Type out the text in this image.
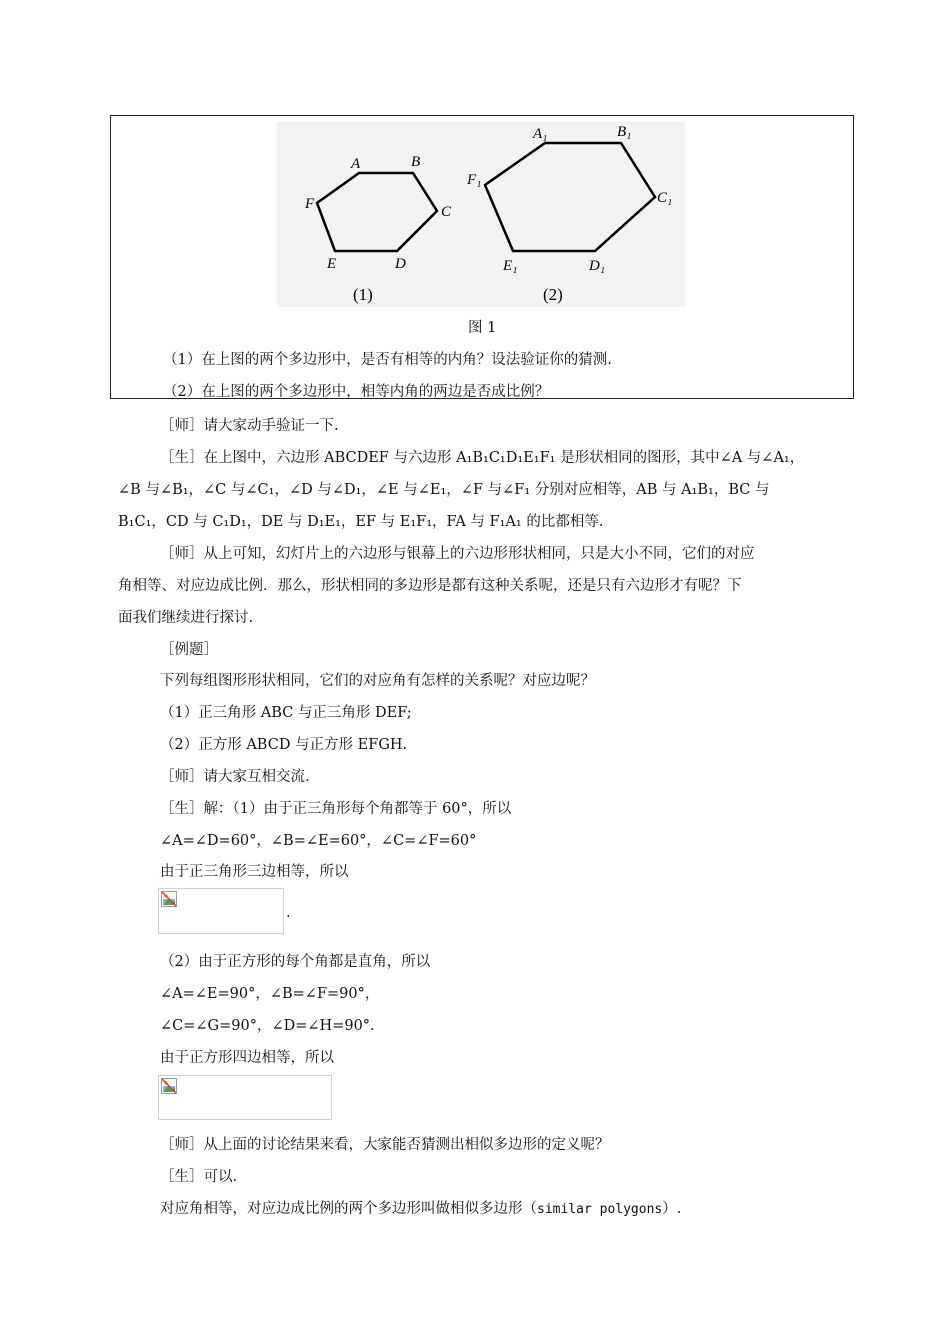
A	B
C
D
E
F
A₁	B₁
C₁
D₁
E₁
F₁
(1)	(2)
图 1
（1）在上图的两个多边形中，是否有相等的内角？设法验证你的猜测.
（2）在上图的两个多边形中，相等内角的两边是否成比例？
［师］请大家动手验证一下.
［生］在上图中，六边形 ABCDEF 与六边形 A₁B₁C₁D₁E₁F₁ 是形状相同的图形，其中∠A 与∠A₁，
∠B 与∠B₁，∠C 与∠C₁，∠D 与∠D₁，∠E 与∠E₁，∠F 与∠F₁ 分别对应相等，AB 与 A₁B₁，BC 与
B₁C₁，CD 与 C₁D₁，DE 与 D₁E₁，EF 与 E₁F₁，FA 与 F₁A₁ 的比都相等.
［师］从上可知，幻灯片上的六边形与银幕上的六边形形状相同，只是大小不同，它们的对应
角相等、对应边成比例．那么，形状相同的多边形是都有这种关系呢，还是只有六边形才有呢？下
面我们继续进行探讨.
［例题］
下列每组图形形状相同，它们的对应角有怎样的关系呢？对应边呢？
（1）正三角形 ABC 与正三角形 DEF;
（2）正方形 ABCD 与正方形 EFGH.
［师］请大家互相交流.
［生］解：（1）由于正三角形每个角都等于 60°，所以
∠A=∠D=60°，∠B=∠E=60°，∠C=∠F=60°
由于正三角形三边相等，所以
.
（2）由于正方形的每个角都是直角，所以
∠A=∠E=90°，∠B=∠F=90°，
∠C=∠G=90°，∠D=∠H=90°.
由于正方形四边相等，所以
［师］从上面的讨论结果来看，大家能否猜测出相似多边形的定义呢？
［生］可以.
对应角相等，对应边成比例的两个多边形叫做相似多边形（similar polygons）.
